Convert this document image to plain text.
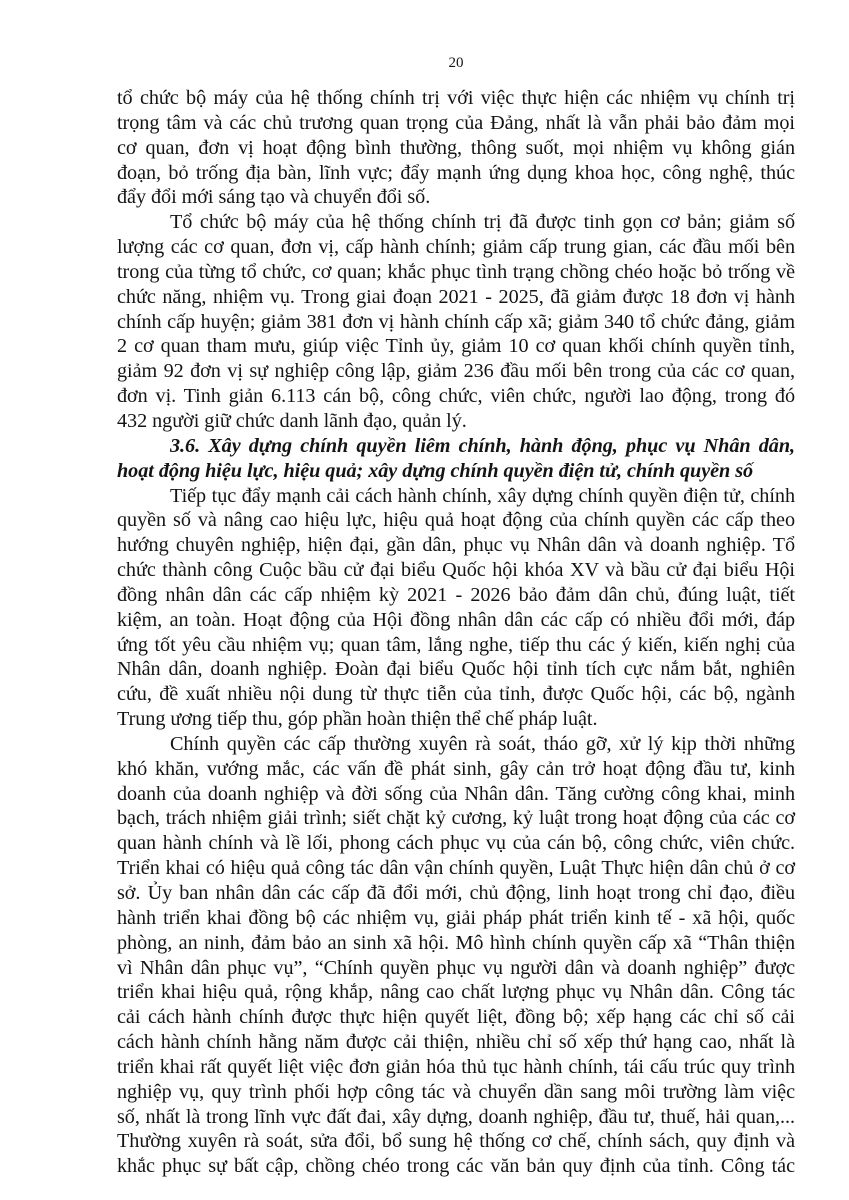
20
tổ chức bộ máy của hệ thống chính trị với việc thực hiện các nhiệm vụ chính trị
trọng tâm và các chủ trương quan trọng của Đảng, nhất là vẫn phải bảo đảm mọi
cơ quan, đơn vị hoạt động bình thường, thông suốt, mọi nhiệm vụ không gián
đoạn, bỏ trống địa bàn, lĩnh vực; đẩy mạnh ứng dụng khoa học, công nghệ, thúc
đẩy đổi mới sáng tạo và chuyển đổi số.
Tổ chức bộ máy của hệ thống chính trị đã được tinh gọn cơ bản; giảm số
lượng các cơ quan, đơn vị, cấp hành chính; giảm cấp trung gian, các đầu mối bên
trong của từng tổ chức, cơ quan; khắc phục tình trạng chồng chéo hoặc bỏ trống về
chức năng, nhiệm vụ. Trong giai đoạn 2021 - 2025, đã giảm được 18 đơn vị hành
chính cấp huyện; giảm 381 đơn vị hành chính cấp xã; giảm 340 tổ chức đảng, giảm
2 cơ quan tham mưu, giúp việc Tỉnh ủy, giảm 10 cơ quan khối chính quyền tỉnh,
giảm 92 đơn vị sự nghiệp công lập, giảm 236 đầu mối bên trong của các cơ quan,
đơn vị. Tinh giản 6.113 cán bộ, công chức, viên chức, người lao động, trong đó
432 người giữ chức danh lãnh đạo, quản lý.
3.6. Xây dựng chính quyền liêm chính, hành động, phục vụ Nhân dân,
hoạt động hiệu lực, hiệu quả; xây dựng chính quyền điện tử, chính quyền số
Tiếp tục đẩy mạnh cải cách hành chính, xây dựng chính quyền điện tử, chính
quyền số và nâng cao hiệu lực, hiệu quả hoạt động của chính quyền các cấp theo
hướng chuyên nghiệp, hiện đại, gần dân, phục vụ Nhân dân và doanh nghiệp. Tổ
chức thành công Cuộc bầu cử đại biểu Quốc hội khóa XV và bầu cử đại biểu Hội
đồng nhân dân các cấp nhiệm kỳ 2021 - 2026 bảo đảm dân chủ, đúng luật, tiết
kiệm, an toàn. Hoạt động của Hội đồng nhân dân các cấp có nhiều đổi mới, đáp
ứng tốt yêu cầu nhiệm vụ; quan tâm, lắng nghe, tiếp thu các ý kiến, kiến nghị của
Nhân dân, doanh nghiệp. Đoàn đại biểu Quốc hội tỉnh tích cực nắm bắt, nghiên
cứu, đề xuất nhiều nội dung từ thực tiễn của tỉnh, được Quốc hội, các bộ, ngành
Trung ương tiếp thu, góp phần hoàn thiện thể chế pháp luật.
Chính quyền các cấp thường xuyên rà soát, tháo gỡ, xử lý kịp thời những
khó khăn, vướng mắc, các vấn đề phát sinh, gây cản trở hoạt động đầu tư, kinh
doanh của doanh nghiệp và đời sống của Nhân dân. Tăng cường công khai, minh
bạch, trách nhiệm giải trình; siết chặt kỷ cương, kỷ luật trong hoạt động của các cơ
quan hành chính và lề lối, phong cách phục vụ của cán bộ, công chức, viên chức.
Triển khai có hiệu quả công tác dân vận chính quyền, Luật Thực hiện dân chủ ở cơ
sở. Ủy ban nhân dân các cấp đã đổi mới, chủ động, linh hoạt trong chỉ đạo, điều
hành triển khai đồng bộ các nhiệm vụ, giải pháp phát triển kinh tế - xã hội, quốc
phòng, an ninh, đảm bảo an sinh xã hội. Mô hình chính quyền cấp xã “Thân thiện
vì Nhân dân phục vụ”, “Chính quyền phục vụ người dân và doanh nghiệp” được
triển khai hiệu quả, rộng khắp, nâng cao chất lượng phục vụ Nhân dân. Công tác
cải cách hành chính được thực hiện quyết liệt, đồng bộ; xếp hạng các chỉ số cải
cách hành chính hằng năm được cải thiện, nhiều chỉ số xếp thứ hạng cao, nhất là
triển khai rất quyết liệt việc đơn giản hóa thủ tục hành chính, tái cấu trúc quy trình
nghiệp vụ, quy trình phối hợp công tác và chuyển dần sang môi trường làm việc
số, nhất là trong lĩnh vực đất đai, xây dựng, doanh nghiệp, đầu tư, thuế, hải quan,...
Thường xuyên rà soát, sửa đổi, bổ sung hệ thống cơ chế, chính sách, quy định và
khắc phục sự bất cập, chồng chéo trong các văn bản quy định của tỉnh. Công tác
